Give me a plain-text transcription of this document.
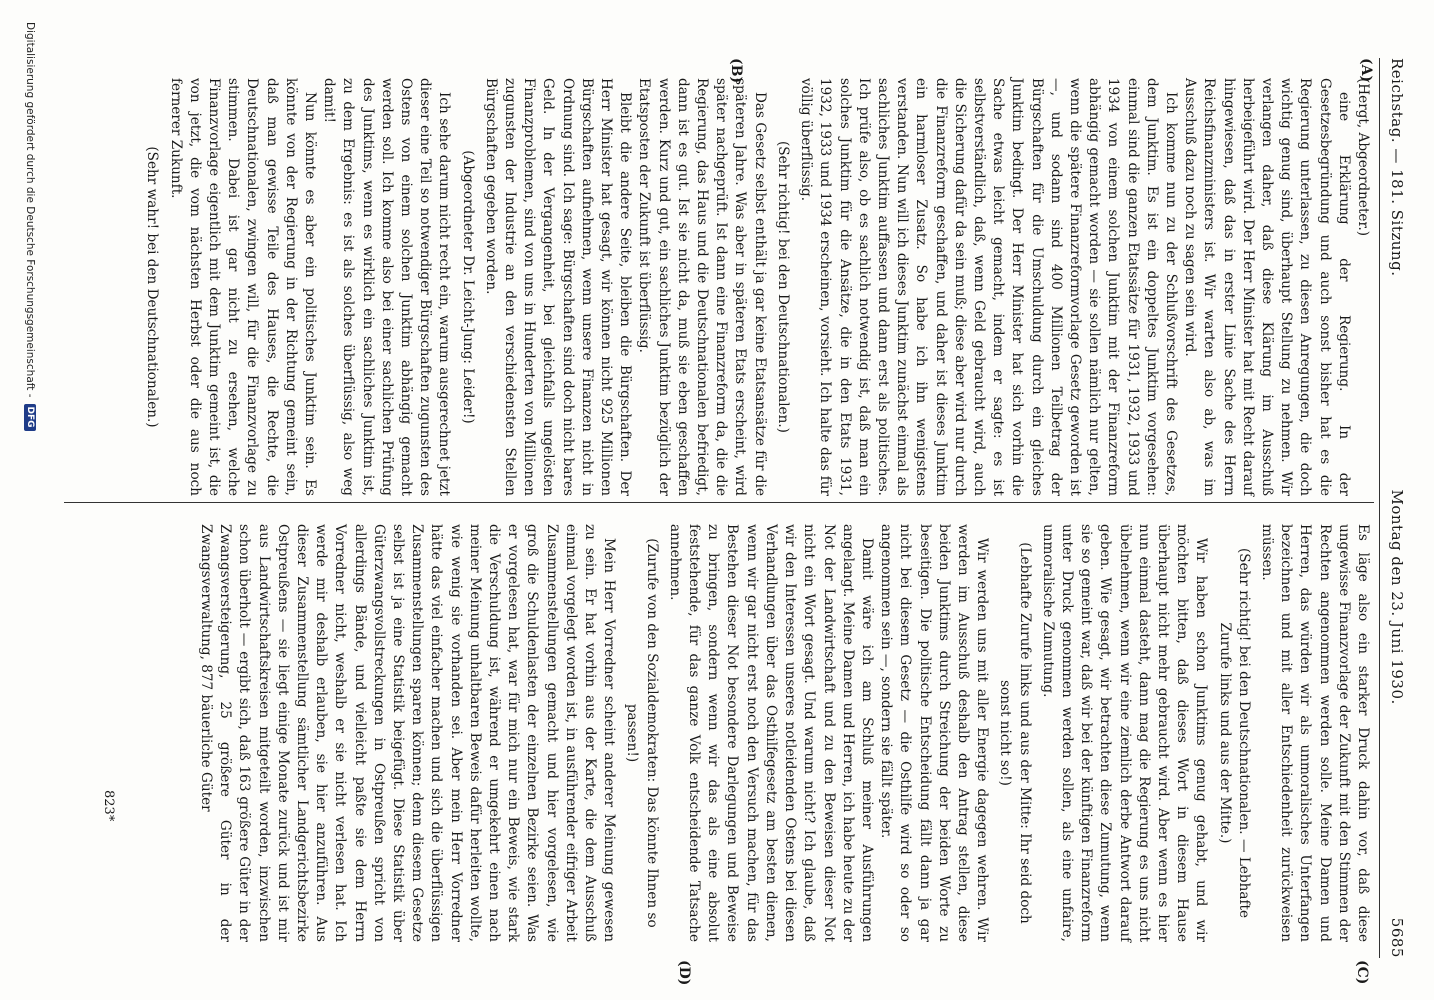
Reichstag. — 181. Sitzung.
Montag den 23. Juni 1930.
5685
(A)
(B)
(C)
(D)

(Hergt, Abgeordneter.)

eine Erklärung der Regierung. In der Gesetzesbegründung und auch sonst bisher hat es die Regierung unterlassen, zu diesen Anregungen, die doch wichtig genug sind, überhaupt Stellung zu nehmen. Wir verlangen daher, daß diese Klärung im Ausschuß herbeigeführt wird. Der Herr Minister hat mit Recht darauf hingewiesen, daß das in erster Linie Sache des Herrn Reichsfinanzministers ist. Wir warten also ab, was im Ausschuß dazu noch zu sagen sein wird.

Ich komme nun zu der Schlußvorschrift des Gesetzes, dem Junktim. Es ist ein doppeltes Junktim vorgesehen: einmal sind die ganzen Etatssätze für 1931, 1932, 1933 und 1934 von einem solchen Junktim mit der Finanzreform abhängig gemacht worden — sie sollen nämlich nur gelten, wenn die spätere Finanzreformvorlage Gesetz geworden ist —, und sodann sind 400 Millionen Teilbetrag der Bürgschaften für die Umschuldung durch ein gleiches Junktim bedingt. Der Herr Minister hat sich vorhin die Sache etwas leicht gemacht, indem er sagte: es ist selbstverständlich, daß, wenn Geld gebraucht wird, auch die Sicherung dafür da sein muß; diese aber wird nur durch die Finanzreform geschaffen, und daher ist dieses Junktim ein harmloser Zusatz. So habe ich ihn wenigstens verstanden. Nun will ich dieses Junktim zunächst einmal als sachliches Junktim auffassen und dann erst als politisches. Ich prüfe also, ob es sachlich notwendig ist, daß man ein solches Junktim für die Ansätze, die in den Etats 1931, 1932, 1933 und 1934 erscheinen, vorsieht. Ich halte das für völlig überflüssig.

(Sehr richtig! bei den Deutschnationalen.)

Das Gesetz selbst enthält ja gar keine Etatsansätze für die späteren Jahre. Was aber in späteren Etats erscheint, wird später nachgeprüft. Ist dann eine Finanzreform da, die die Regierung, das Haus und die Deutschnationalen befriedigt, dann ist es gut. Ist sie nicht da, muß sie eben geschaffen werden. Kurz und gut, ein sachliches Junktim bezüglich der Etatsposten der Zukunft ist überflüssig.

Bleibt die andere Seite, bleiben die Bürgschaften. Der Herr Minister hat gesagt, wir können nicht 925 Millionen Bürgschaften aufnehmen, wenn unsere Finanzen nicht in Ordnung sind. Ich sage: Bürgschaften sind doch nicht bares Geld. In der Vergangenheit, bei gleichfalls ungelösten Finanzproblemen, sind von uns in Hunderten von Millionen zugunsten der Industrie an den verschiedensten Stellen Bürgschaften gegeben worden.

(Abgeordneter Dr. Leicht-Jung: Leider!)

Ich sehe darum nicht recht ein, warum ausgerechnet jetzt dieser eine Teil so notwendiger Bürgschaften zugunsten des Ostens von einem solchen Junktim abhängig gemacht werden soll. Ich komme also bei einer sachlichen Prüfung des Junktims, wenn es wirklich ein sachliches Junktim ist, zu dem Ergebnis: es ist als solches überflüssig, also weg damit!

Nun könnte es aber ein politisches Junktim sein. Es könnte von der Regierung in der Richtung gemeint sein, daß man gewisse Teile des Hauses, die Rechte, die Deutschnationalen, zwingen will, für die Finanzvorlage zu stimmen. Dabei ist gar nicht zu ersehen, welche Finanzvorlage eigentlich mit dem Junktim gemeint ist, die von jetzt, die vom nächsten Herbst oder die aus noch fernerer Zukunft.

(Sehr wahr! bei den Deutschnationalen.)

Es läge also ein starker Druck dahin vor, daß diese ungewisse Finanzvorlage der Zukunft mit den Stimmen der Rechten angenommen werden solle. Meine Damen und Herren, das würden wir als unmoralisches Unterfangen bezeichnen und mit aller Entschiedenheit zurückweisen müssen.

(Sehr richtig! bei den Deutschnationalen. — Lebhafte Zurufe links und aus der Mitte.)

Wir haben schon Junktims genug gehabt, und wir möchten bitten, daß dieses Wort in diesem Hause überhaupt nicht mehr gebraucht wird. Aber wenn es hier nun einmal dasteht, dann mag die Regierung es uns nicht übelnehmen, wenn wir eine ziemlich derbe Antwort darauf geben. Wie gesagt, wir betrachten diese Zumutung, wenn sie so gemeint war, daß wir bei der künftigen Finanzreform unter Druck genommen werden sollen, als eine unfaire, unmoralische Zumutung.

(Lebhafte Zurufe links und aus der Mitte: Ihr seid doch sonst nicht so!)

Wir werden uns mit aller Energie dagegen wehren. Wir werden im Ausschuß deshalb den Antrag stellen, diese beiden Junktims durch Streichung der beiden Worte zu beseitigen. Die politische Entscheidung fällt dann ja gar nicht bei diesem Gesetz — die Osthilfe wird so oder so angenommen sein —, sondern sie fällt später.

Damit wäre ich am Schluß meiner Ausführungen angelangt. Meine Damen und Herren, ich habe heute zu der Not der Landwirtschaft und zu den Beweisen dieser Not nicht ein Wort gesagt. Und warum nicht? Ich glaube, daß wir den Interessen unseres notleidenden Ostens bei diesen Verhandlungen über das Osthilfegesetz am besten dienen, wenn wir gar nicht erst noch den Versuch machen, für das Bestehen dieser Not besondere Darlegungen und Beweise zu bringen, sondern wenn wir das als eine absolut feststehende, für das ganze Volk entscheidende Tatsache annehmen.

(Zurufe von den Sozialdemokraten: Das könnte Ihnen so passen!)

Mein Herr Vorredner scheint anderer Meinung gewesen zu sein. Er hat vorhin aus der Karte, die dem Ausschuß einmal vorgelegt worden ist, in ausführender eifriger Arbeit Zusammenstellungen gemacht und hier vorgelesen, wie groß die Schuldenlasten der einzelnen Bezirke seien. Was er vorgelesen hat, war für mich nur ein Beweis, wie stark die Verschuldung ist, während er umgekehrt einen nach meiner Meinung unhaltbaren Beweis dafür herleiten wollte, wie wenig sie vorhanden sei. Aber mein Herr Vorredner hätte das viel einfacher machen und sich die überflüssigen Zusammenstellungen sparen können; denn diesem Gesetze selbst ist ja eine Statistik beigefügt. Diese Statistik über Güterzwangsvollstreckungen in Ostpreußen spricht von allerdings Bände, und vielleicht paßte sie dem Herrn Vorredner nicht, weshalb er sie nicht verlesen hat. Ich werde mir deshalb erlauben, sie hier anzuführen. Aus dieser Zusammenstellung sämtlicher Landgerichtsbezirke Ostpreußens — sie liegt einige Monate zurück und ist mir aus Landwirtschaftskreisen mitgeteilt worden, inzwischen schon überholt — ergibt sich, daß 163 größere Güter in der Zwangsversteigerung, 25 größere Güter in der Zwangsverwaltung, 877 bäuerliche Güter

823*
Digitalisierung gefördert durch die Deutsche Forschungsgemeinschaft -
DFG
